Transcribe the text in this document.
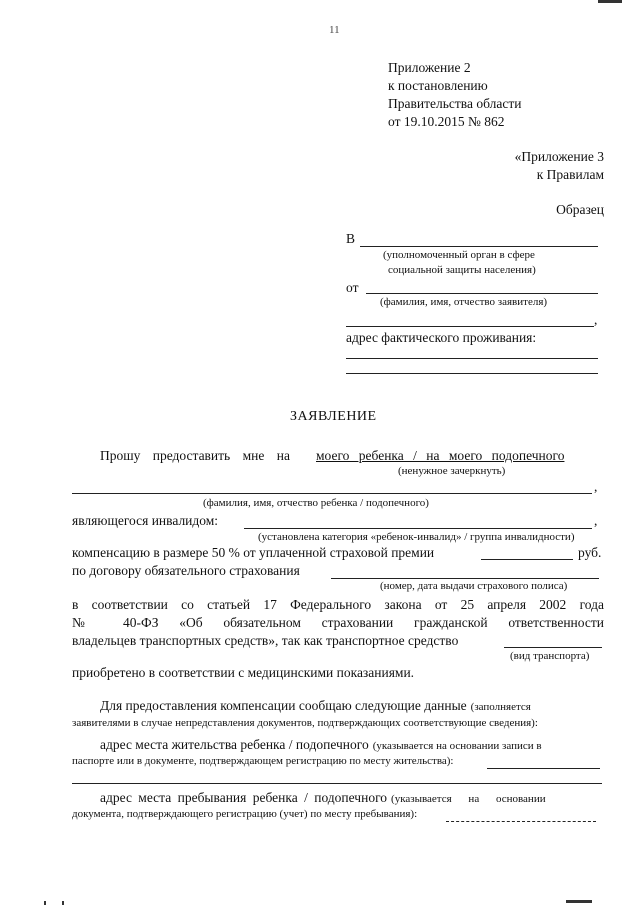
11
Приложение 2
к постановлению
Правительства области
от 19.10.2015 № 862
«Приложение 3
к Правилам
Образец
В
(уполномоченный орган в сфере
социальной защиты населения)
от
(фамилия, имя, отчество заявителя)
,
адрес фактического проживания:
ЗАЯВЛЕНИЕ
Прошу предоставить мне на моего ребенка / на моего подопечного
(ненужное зачеркнуть)
,
(фамилия, имя, отчество ребенка / подопечного)
являющегося инвалидом:	,
(установлена категория «ребенок-инвалид» / группа инвалидности)
компенсацию в размере 50 % от уплаченной страховой премии	руб.
по договору обязательного страхования
(номер, дата выдачи страхового полиса)
в соответствии со статьей 17 Федерального закона от 25 апреля 2002 года
№ 40-ФЗ «Об обязательном страховании гражданской ответственности
владельцев транспортных средств», так как транспортное средство
(вид транспорта)
приобретено в соответствии с медицинскими показаниями.
Для предоставления компенсации сообщаю следующие данные (заполняется
заявителями в случае непредставления документов, подтверждающих соответствующие сведения):
адрес места жительства ребенка / подопечного (указывается на основании записи в
паспорте или в документе, подтверждающем регистрацию по месту жительства):
адрес места пребывания ребенка / подопечного (указывается на основании
документа, подтверждающего регистрацию (учет) по месту пребывания):
